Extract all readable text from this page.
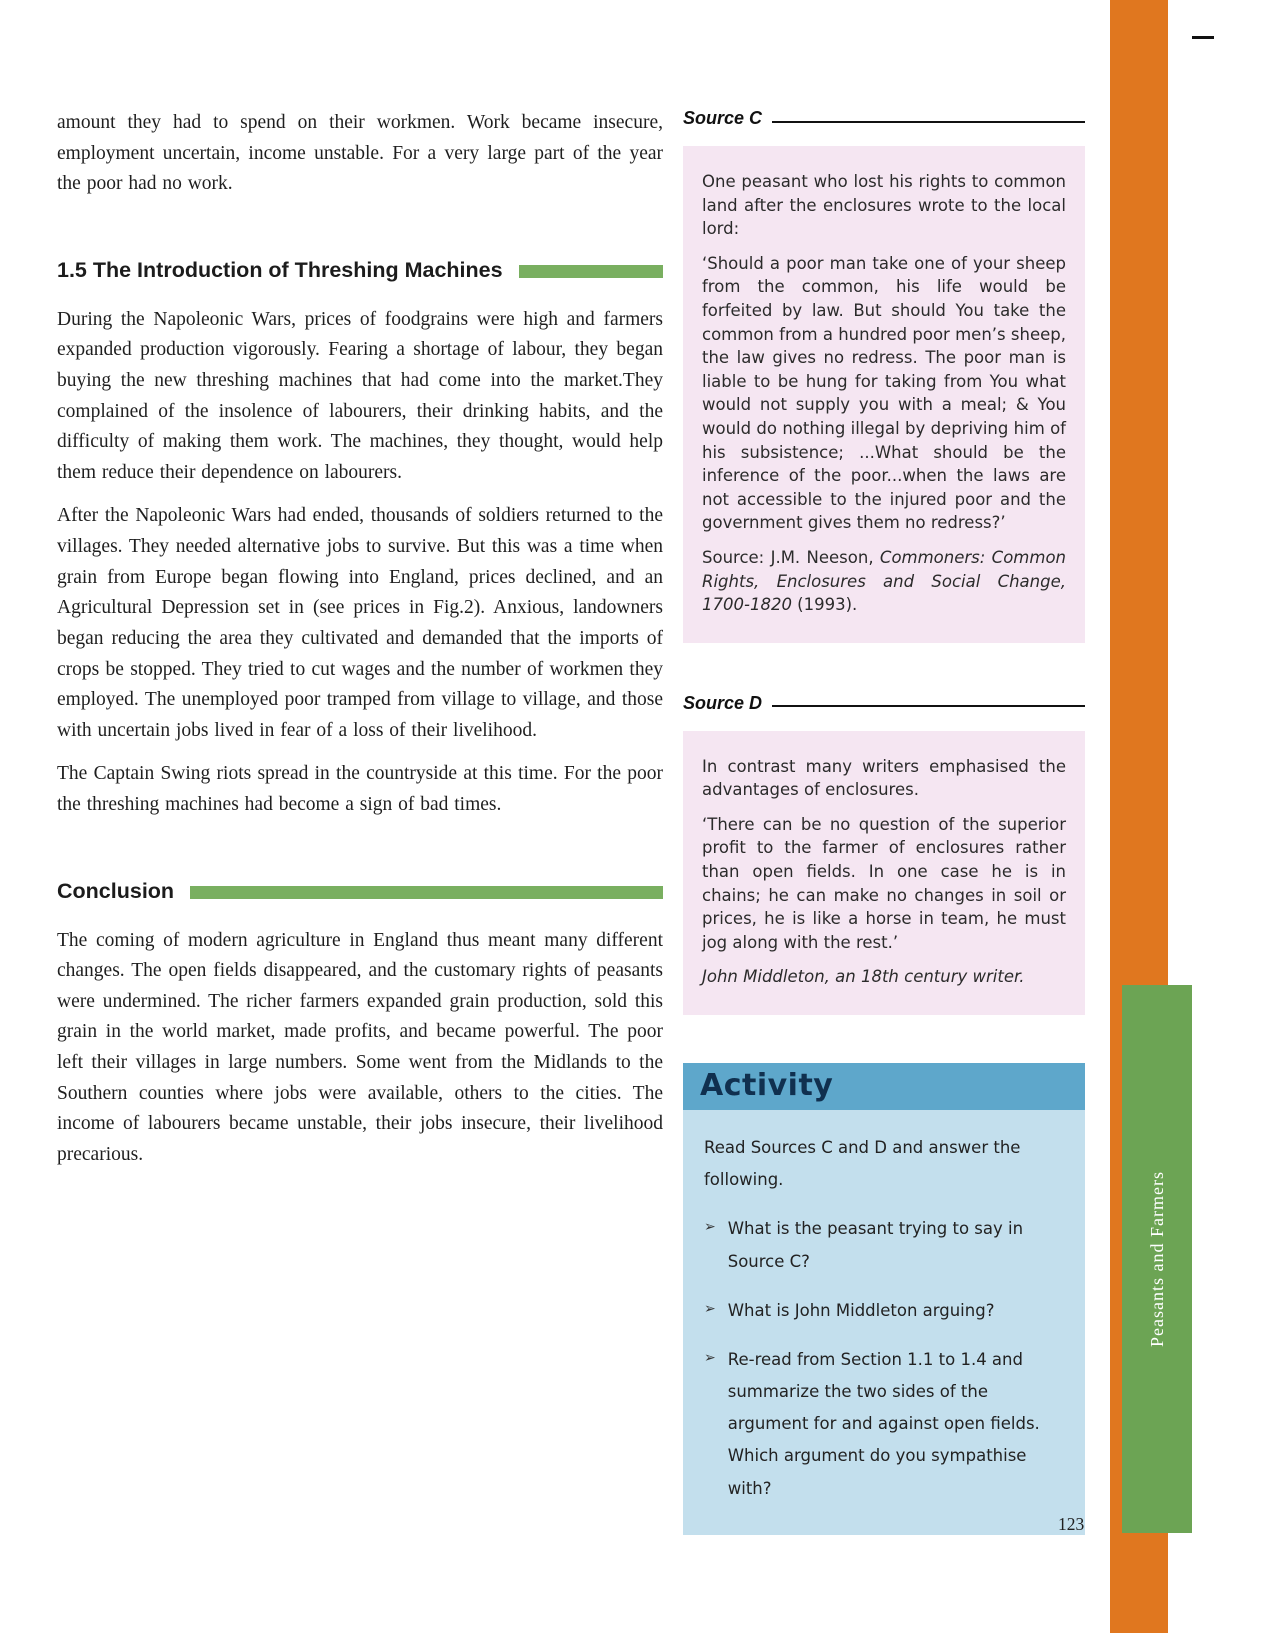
Peasants and Farmers

amount they had to spend on their workmen. Work became insecure, employment uncertain, income unstable. For a very large part of the year the poor had no work.

1.5 The Introduction of Threshing Machines

During the Napoleonic Wars, prices of foodgrains were high and farmers expanded production vigorously. Fearing a shortage of labour, they began buying the new threshing machines that had come into the market.They complained of the insolence of labourers, their drinking habits, and the difficulty of making them work. The machines, they thought, would help them reduce their dependence on labourers.

After the Napoleonic Wars had ended, thousands of soldiers returned to the villages. They needed alternative jobs to survive. But this was a time when grain from Europe began flowing into England, prices declined, and an Agricultural Depression set in (see prices in Fig.2). Anxious, landowners began reducing the area they cultivated and demanded that the imports of crops be stopped. They tried to cut wages and the number of workmen they employed. The unemployed poor tramped from village to village, and those with uncertain jobs lived in fear of a loss of their livelihood.

The Captain Swing riots spread in the countryside at this time. For the poor the threshing machines had become a sign of bad times.

Conclusion

The coming of modern agriculture in England thus meant many different changes. The open fields disappeared, and the customary rights of peasants were undermined. The richer farmers expanded grain production, sold this grain in the world market, made profits, and became powerful. The poor left their villages in large numbers. Some went from the Midlands to the Southern counties where jobs were available, others to the cities. The income of labourers became unstable, their jobs insecure, their livelihood precarious.

Source C

One peasant who lost his rights to common land after the enclosures wrote to the local lord:

‘Should a poor man take one of your sheep from the common, his life would be forfeited by law. But should You take the common from a hundred poor men’s sheep, the law gives no redress. The poor man is liable to be hung for taking from You what would not supply you with a meal; & You would do nothing illegal by depriving him of his subsistence; ...What should be the inference of the poor...when the laws are not accessible to the injured poor and the government gives them no redress?’

Source: J.M. Neeson, Commoners: Common Rights, Enclosures and Social Change, 1700-1820 (1993).

Source D

In contrast many writers emphasised the advantages of enclosures.

‘There can be no question of the superior profit to the farmer of enclosures rather than open fields. In one case he is in chains; he can make no changes in soil or prices, he is like a horse in team, he must jog along with the rest.’

John Middleton, an 18th century writer.

Activity

Read Sources C and D and answer the following.

➢ What is the peasant trying to say in Source C?
➢ What is John Middleton arguing?
➢ Re-read from Section 1.1 to 1.4 and summarize the two sides of the argument for and against open fields. Which argument do you sympathise with?
123
